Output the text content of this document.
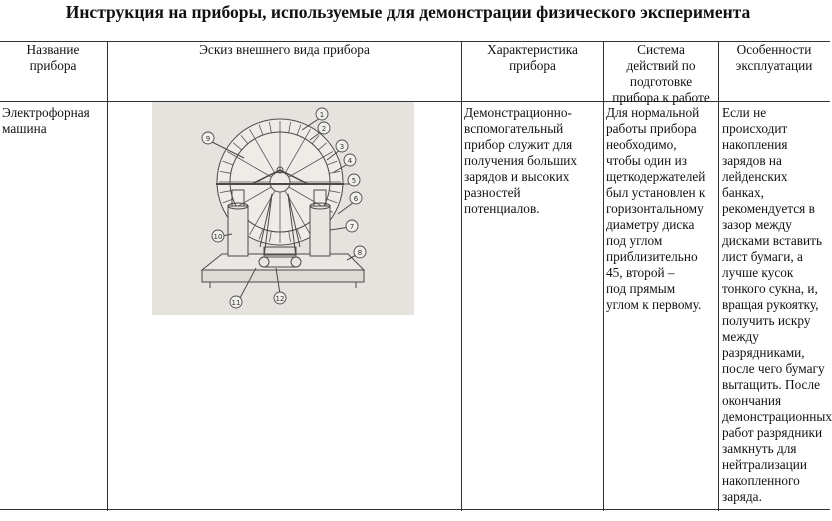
Инструкция на приборы, используемые для демонстрации физического эксперимента
Название
прибора
Эскиз внешнего вида прибора	Характеристика
прибора
Система
действий по
подготовке
прибора к работе
Особенности
эксплуатации
Электрофорная
машина
Демонстрационно-
вспомогательный
прибор служит для
получения больших
зарядов и высоких
разностей
потенциалов.
Для нормальной
работы прибора
необходимо,
чтобы один из
щеткодержателей
был установлен к
горизонтальному
диаметру диска
под углом
приблизительно
45, второй –
под прямым
углом к первому.
Если не
происходит
накопления
зарядов на
лейденских
банках,
рекомендуется в
зазор между
дисками вставить
лист бумаги, а
лучше кусок
тонкого сукна, и,
вращая рукоятку,
получить искру
между
разрядниками,
после чего бумагу
вытащить. После
окончания
демонстрационных
работ разрядники
замкнуть для
нейтрализации
накопленного
заряда.
1
2
3
4
5
6
7
8
9
10
11	12
